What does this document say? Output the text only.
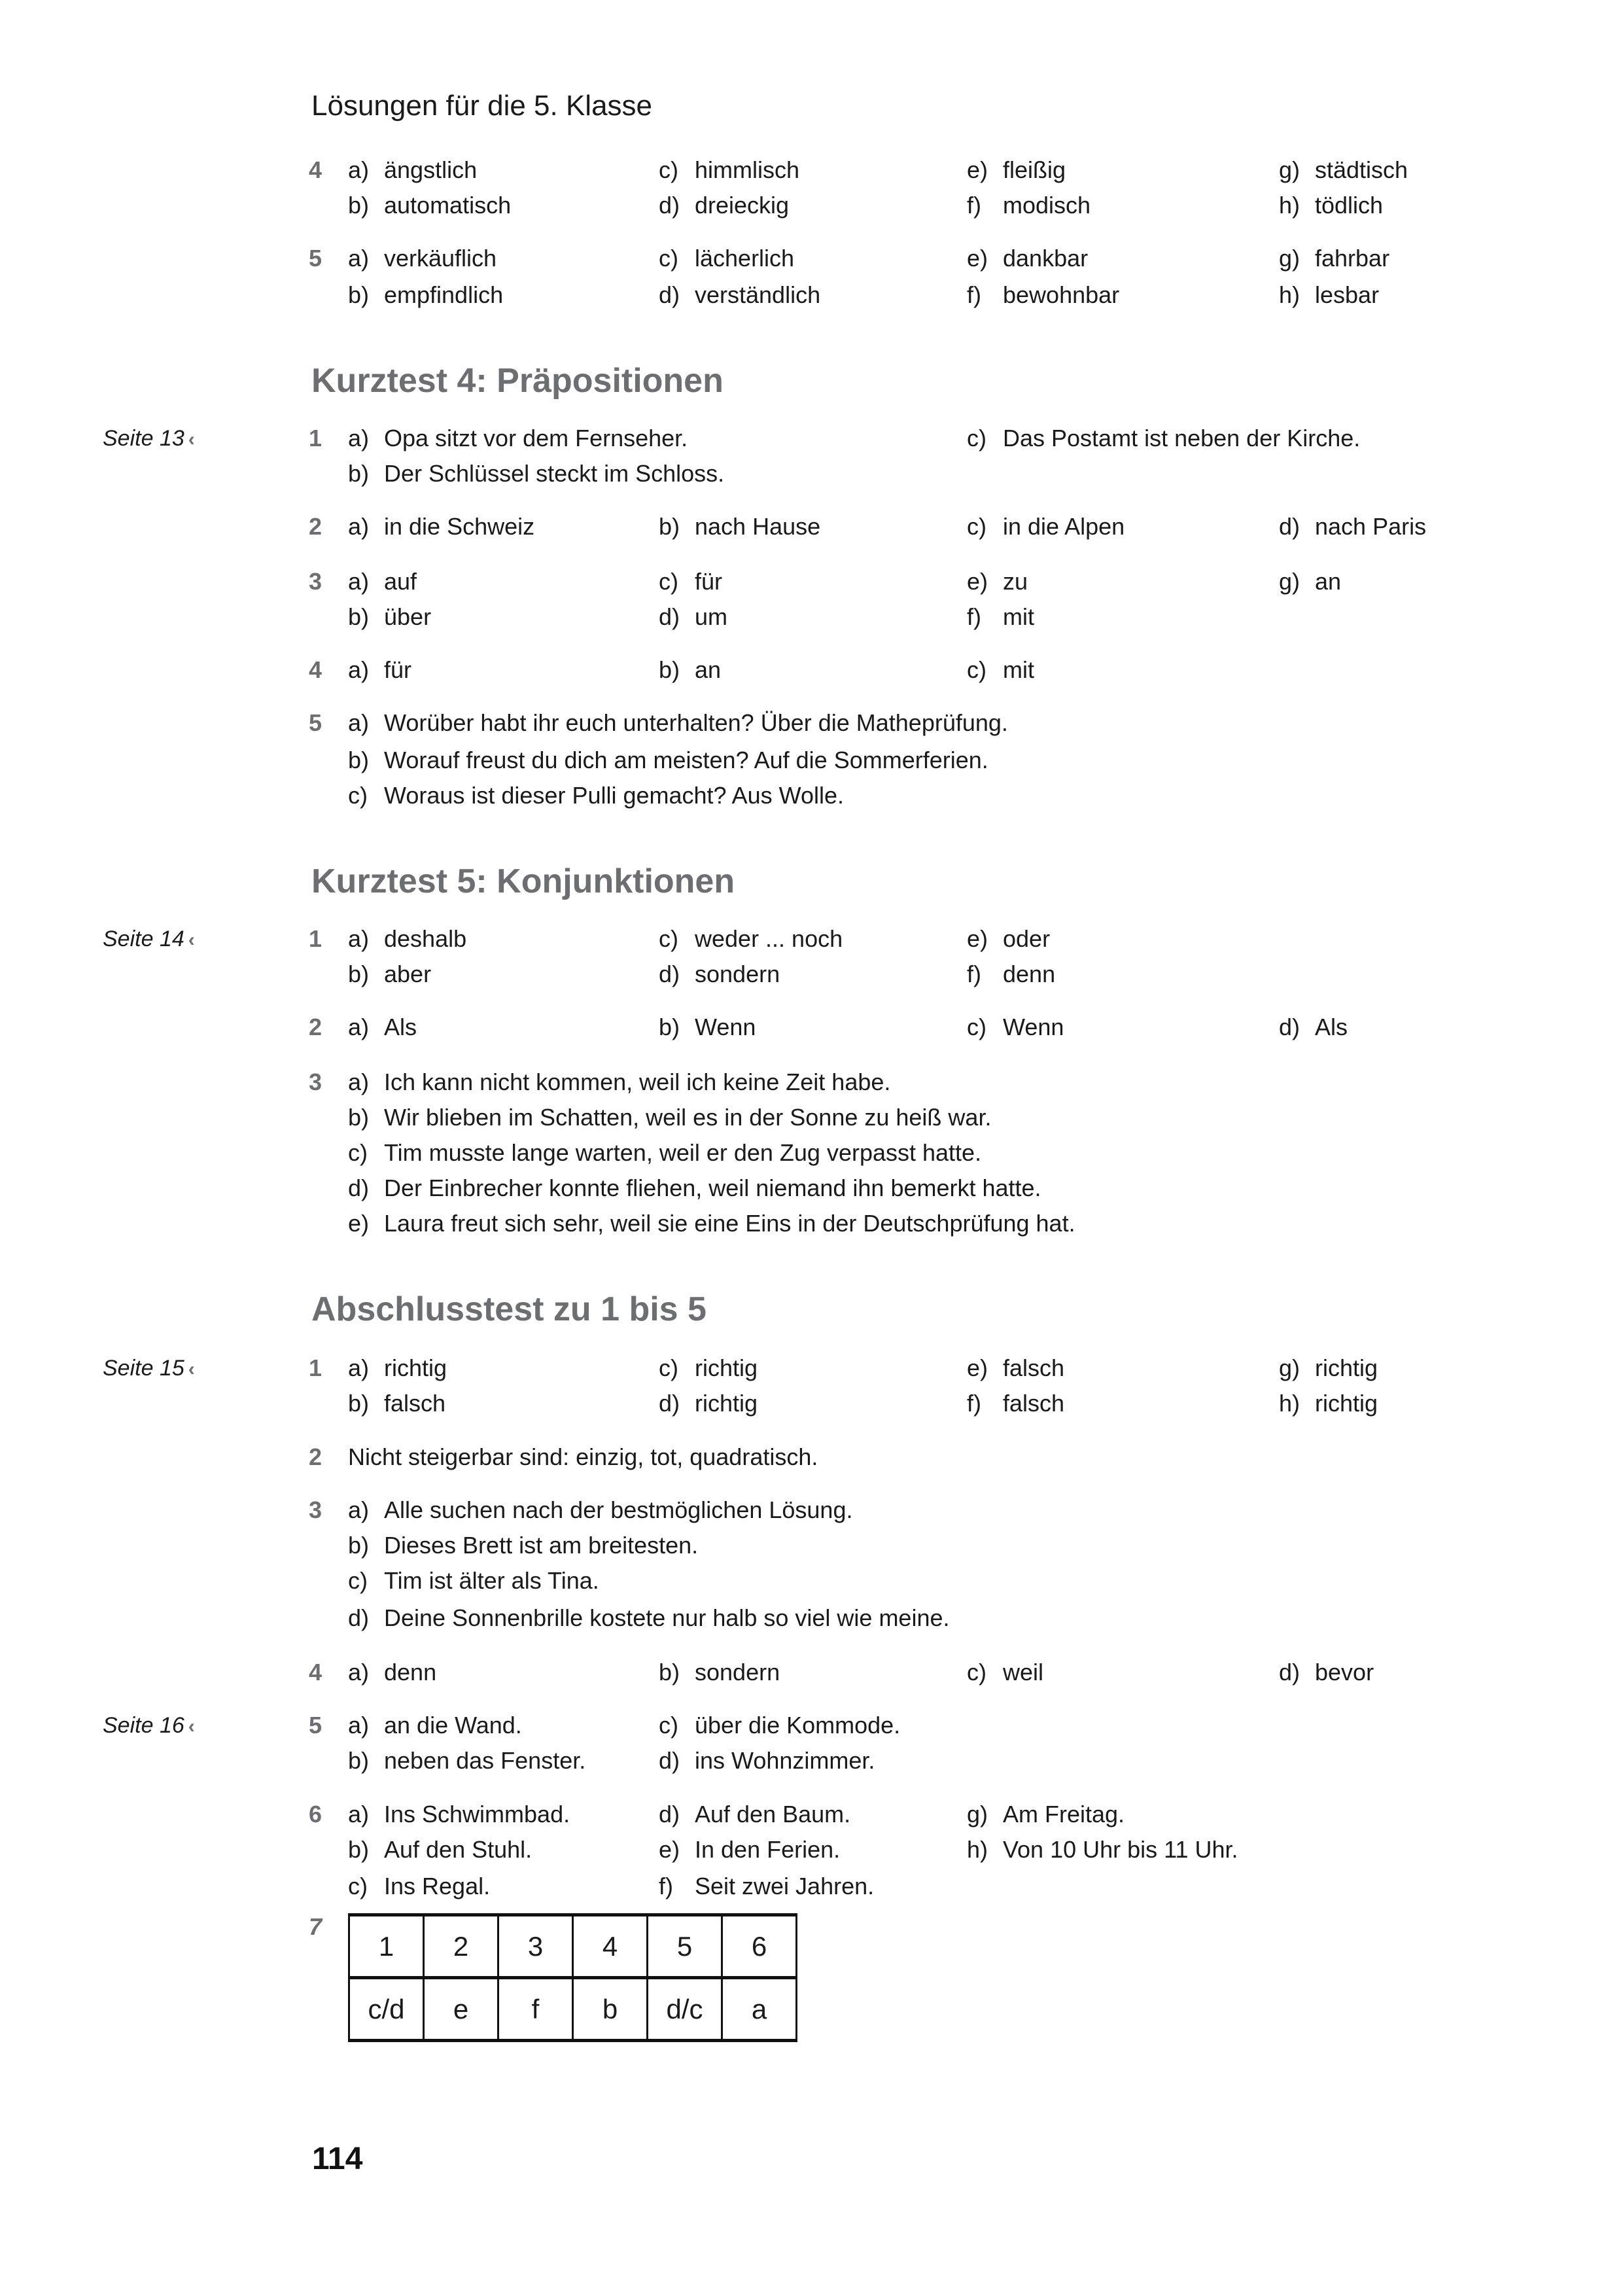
Lösungen für die 5. Klasse
4 a) ängstlich
b) automatisch
c) himmlisch
d) dreieckig
e) fleißig
f) modisch
g) städtisch
h) tödlich
5 a) verkäuflich
b) empfindlich
c) lächerlich
d) verständlich
e) dankbar
f) bewohnbar
g) fahrbar
h) lesbar
Kurztest 4: Präpositionen
Seite 13 ‹	1 a) Opa sitzt vor dem Fernseher.
b) Der Schlüssel steckt im Schloss.
c) Das Postamt ist neben der Kirche.
2 a) in die Schweiz	b) nach Hause	c) in die Alpen	d) nach Paris
3 a) auf
b) über
c) für
d) um
e) zu
f) mit
g) an
4 a) für	b) an	c) mit
5 a) Worüber habt ihr euch unterhalten? Über die Matheprüfung.
b) Worauf freust du dich am meisten? Auf die Sommerferien.
c) Woraus ist dieser Pulli gemacht? Aus Wolle.
Kurztest 5: Konjunktionen
Seite 14 ‹	1 a) deshalb
b) aber
c) weder ... noch
d) sondern
e) oder
f) denn
2 a) Als	b) Wenn	c) Wenn	d) Als
3 a) Ich kann nicht kommen, weil ich keine Zeit habe.
b) Wir blieben im Schatten, weil es in der Sonne zu heiß war.
c) Tim musste lange warten, weil er den Zug verpasst hatte.
d) Der Einbrecher konnte fliehen, weil niemand ihn bemerkt hatte.
e) Laura freut sich sehr, weil sie eine Eins in der Deutschprüfung hat.
Abschlusstest zu 1 bis 5
Seite 15 ‹	1 a) richtig
b) falsch
c) richtig
d) richtig
e) falsch
f) falsch
g) richtig
h) richtig
2 Nicht steigerbar sind: einzig, tot, quadratisch.
3 a) Alle suchen nach der bestmöglichen Lösung.
b) Dieses Brett ist am breitesten.
c) Tim ist älter als Tina.
d) Deine Sonnenbrille kostete nur halb so viel wie meine.
4 a) denn	b) sondern	c) weil	d) bevor
Seite 16 ‹	5 a) an die Wand.
b) neben das Fenster.
c) über die Kommode.
d) ins Wohnzimmer.
6 a) Ins Schwimmbad.
b) Auf den Stuhl.
c) Ins Regal.
d) Auf den Baum.
e) In den Ferien.
f) Seit zwei Jahren.
g) Am Freitag.
h) Von 10 Uhr bis 11 Uhr.
7
1	2	3	4	5	6
c/d	e	f	b	d/c	a
114
